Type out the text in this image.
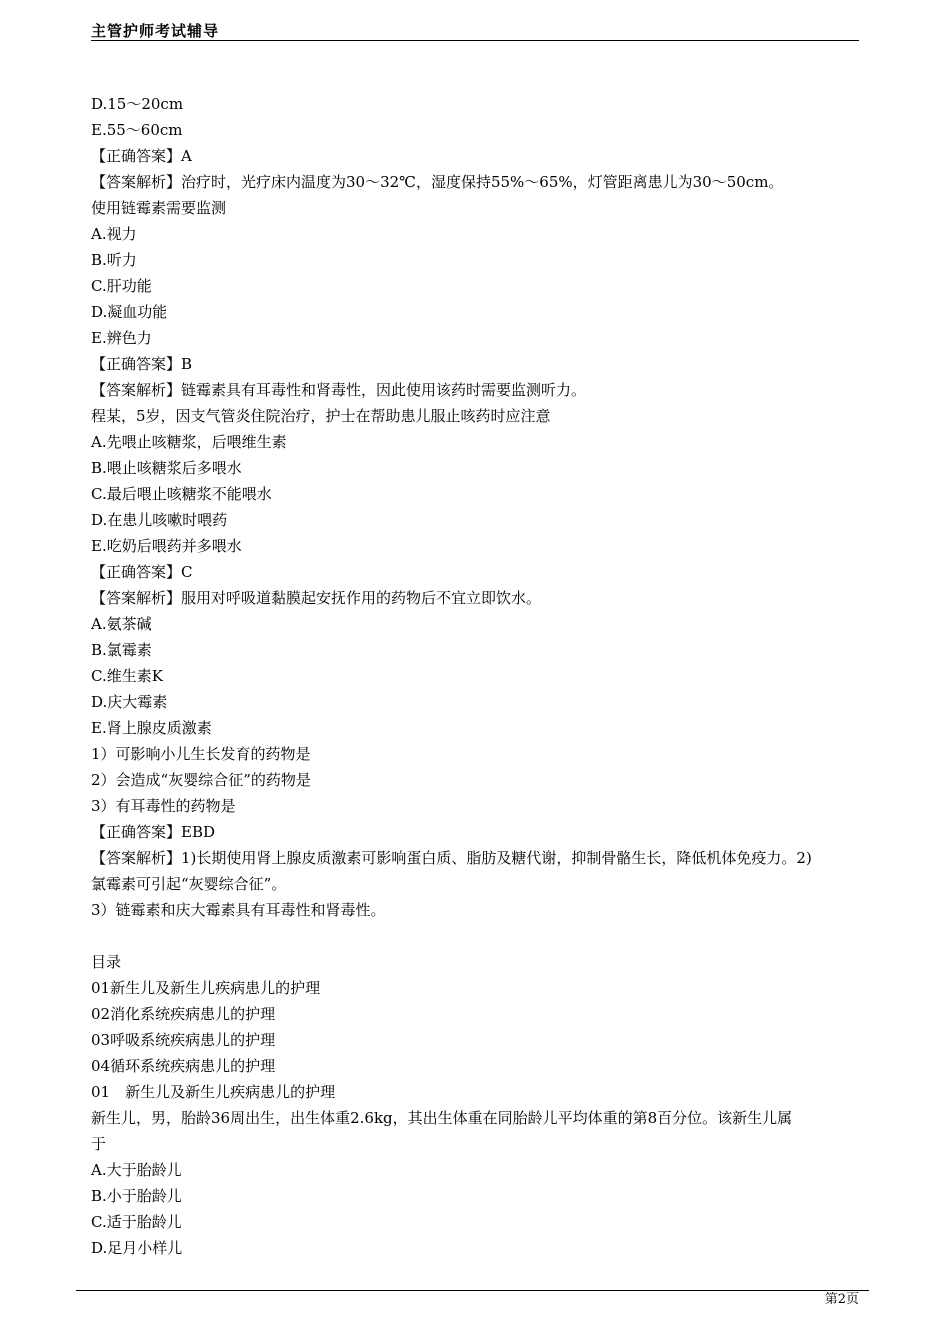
主管护师考试辅导
D.15～20cm
E.55～60cm
【正确答案】A
【答案解析】治疗时，光疗床内温度为30～32℃，湿度保持55%～65%，灯管距离患儿为30～50cm。
使用链霉素需要监测
A.视力
B.听力
C.肝功能
D.凝血功能
E.辨色力
【正确答案】B
【答案解析】链霉素具有耳毒性和肾毒性，因此使用该药时需要监测听力。
程某，5岁，因支气管炎住院治疗，护士在帮助患儿服止咳药时应注意
A.先喂止咳糖浆，后喂维生素
B.喂止咳糖浆后多喂水
C.最后喂止咳糖浆不能喂水
D.在患儿咳嗽时喂药
E.吃奶后喂药并多喂水
【正确答案】C
【答案解析】服用对呼吸道黏膜起安抚作用的药物后不宜立即饮水。
A.氨茶碱
B.氯霉素
C.维生素K
D.庆大霉素
E.肾上腺皮质激素
1）可影响小儿生长发育的药物是
2）会造成“灰婴综合征”的药物是
3）有耳毒性的药物是
【正确答案】EBD
【答案解析】1)长期使用肾上腺皮质激素可影响蛋白质、脂肪及糖代谢，抑制骨骼生长，降低机体免疫力。2)
氯霉素可引起“灰婴综合征”。
3）链霉素和庆大霉素具有耳毒性和肾毒性。
目录
01新生儿及新生儿疾病患儿的护理
02消化系统疾病患儿的护理
03呼吸系统疾病患儿的护理
04循环系统疾病患儿的护理
01　新生儿及新生儿疾病患儿的护理
新生儿，男，胎龄36周出生，出生体重2.6kg，其出生体重在同胎龄儿平均体重的第8百分位。该新生儿属
于
A.大于胎龄儿
B.小于胎龄儿
C.适于胎龄儿
D.足月小样儿
第2页
